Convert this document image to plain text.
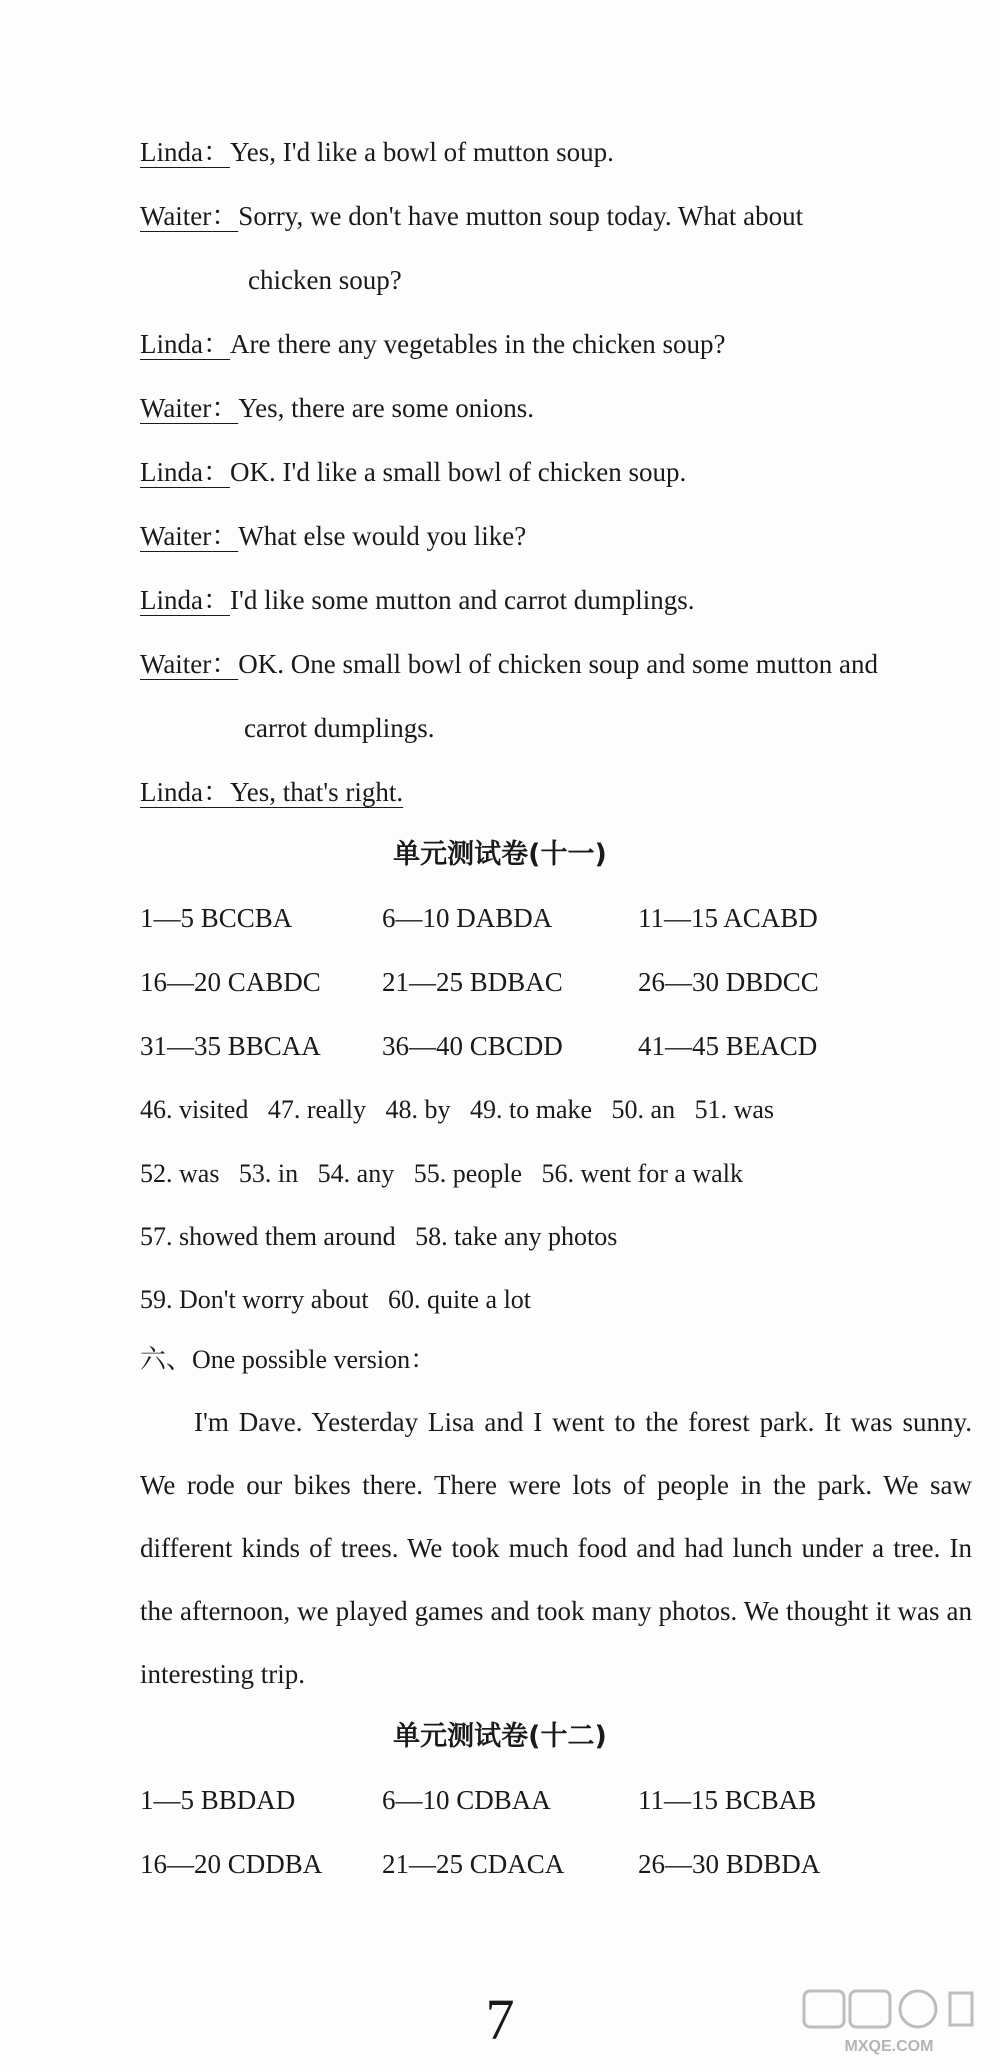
Linda：Yes, I'd like a bowl of mutton soup.
Waiter：Sorry, we don't have mutton soup today. What about
chicken soup?
Linda：Are there any vegetables in the chicken soup?
Waiter：Yes, there are some onions.
Linda：OK. I'd like a small bowl of chicken soup.
Waiter：What else would you like?
Linda：I'd like some mutton and carrot dumplings.
Waiter：OK. One small bowl of chicken soup and some mutton and
carrot dumplings.
Linda：Yes, that's right.
单元测试卷(十一)
1—5 BCCBA	6—10 DABDA	11—15 ACABD
16—20 CABDC 21—25 BDBAC	26—30 DBDCC
31—35 BBCAA 36—40 CBCDD	41—45 BEACD
46. visited   47. really   48. by   49. to make   50. an   51. was
52. was   53. in   54. any   55. people   56. went for a walk
57. showed them around   58. take any photos
59. Don't worry about   60. quite a lot
六、One possible version：
I'm Dave. Yesterday Lisa and I went to the forest park. It was sunny. We rode our bikes there. There were lots of people in the park. We saw different kinds of trees. We took much food and had lunch under a tree. In the afternoon, we played games and took many photos. We thought it was an interesting trip.
单元测试卷(十二)
1—5 BBDAD	6—10 CDBAA	11—15 BCBAB
16—20 CDDBA 21—25 CDACA	26—30 BDBDA
7	MXQE.COM
